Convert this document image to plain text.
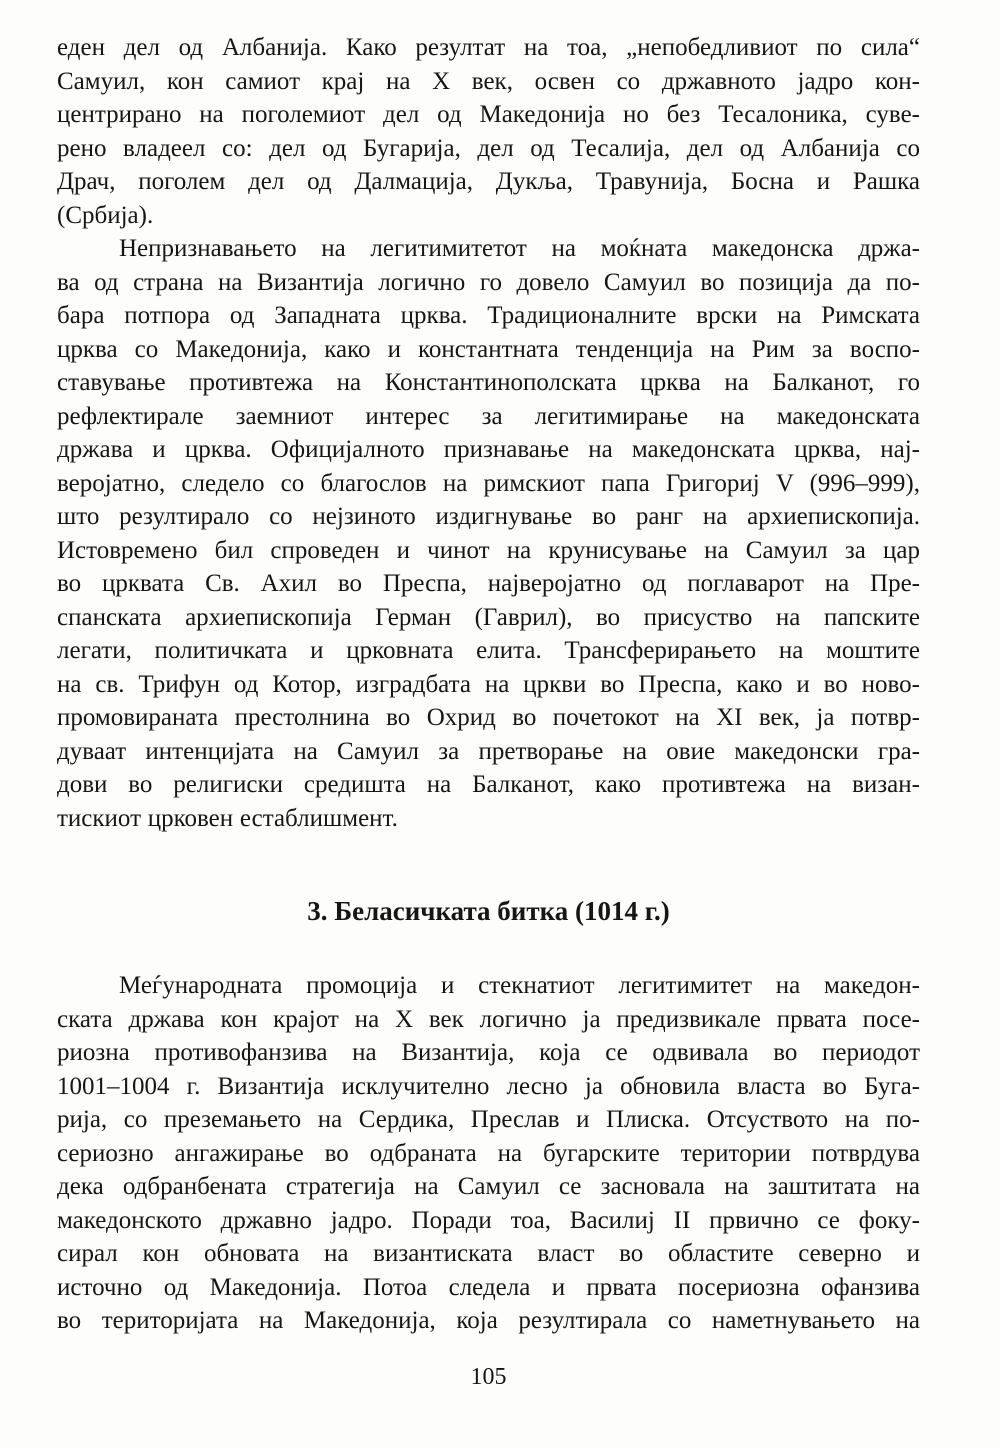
еден дел од Албанија. Како резултат на тоа, „непобедливиот по сила“
Самуил, кон самиот крај на X век, освен со државното јадро кон-
центрирано на поголемиот дел од Македонија но без Тесалоника, суве-
рено владеел со: дел од Бугарија, дел од Тесалија, дел од Албанија со
Драч, поголем дел од Далмација, Дукља, Травунија, Босна и Рашка
(Србија).
Непризнавањето на легитимитетот на моќната македонска држа-
ва од страна на Византија логично го довело Самуил во позиција да по-
бара потпора од Западната црква. Традиционалните врски на Римската
црква со Македонија, како и константната тенденција на Рим за воспо-
ставување противтежа на Константинополската црква на Балканот, го
рефлектирале заемниот интерес за легитимирање на македонската
држава и црква. Официјалното признавање на македонската црква, нај-
веројатно, следело со благослов на римскиот папа Григориј V (996–999),
што резултирало со нејзиното издигнување во ранг на архиепископија.
Истовремено бил спроведен и чинот на крунисување на Самуил за цар
во црквата Св. Ахил во Преспа, најверојатно од поглаварот на Пре-
спанската архиепископија Герман (Гаврил), во присуство на папските
легати, политичката и црковната елита. Трансферирањето на моштите
на св. Трифун од Котор, изградбата на цркви во Преспа, како и во ново-
промовираната престолнина во Охрид во почетокот на XI век, ја потвр-
дуваат интенцијата на Самуил за претворање на овие македонски гра-
дови во религиски средишта на Балканот, како противтежа на визан-
тискиот црковен естаблишмент.
3. Беласичката битка (1014 г.)
Меѓународната промоција и стекнатиот легитимитет на македон-
ската држава кон крајот на X век логично ја предизвикале првата посе-
риозна противофанзива на Византија, која се одвивала во периодот
1001–1004 г. Византија исклучително лесно ја обновила власта во Буга-
рија, со преземањето на Сердика, Преслав и Плиска. Отсуството на по-
сериозно ангажирање во одбраната на бугарските територии потврдува
дека одбранбената стратегија на Самуил се засновала на заштитата на
македонското државно јадро. Поради тоа, Василиј II првично се фоку-
сирал кон обновата на византиската власт во областите северно и
источно од Македонија. Потоа следела и првата посериозна офанзива
во територијата на Македонија, која резултирала со наметнувањето на
105
